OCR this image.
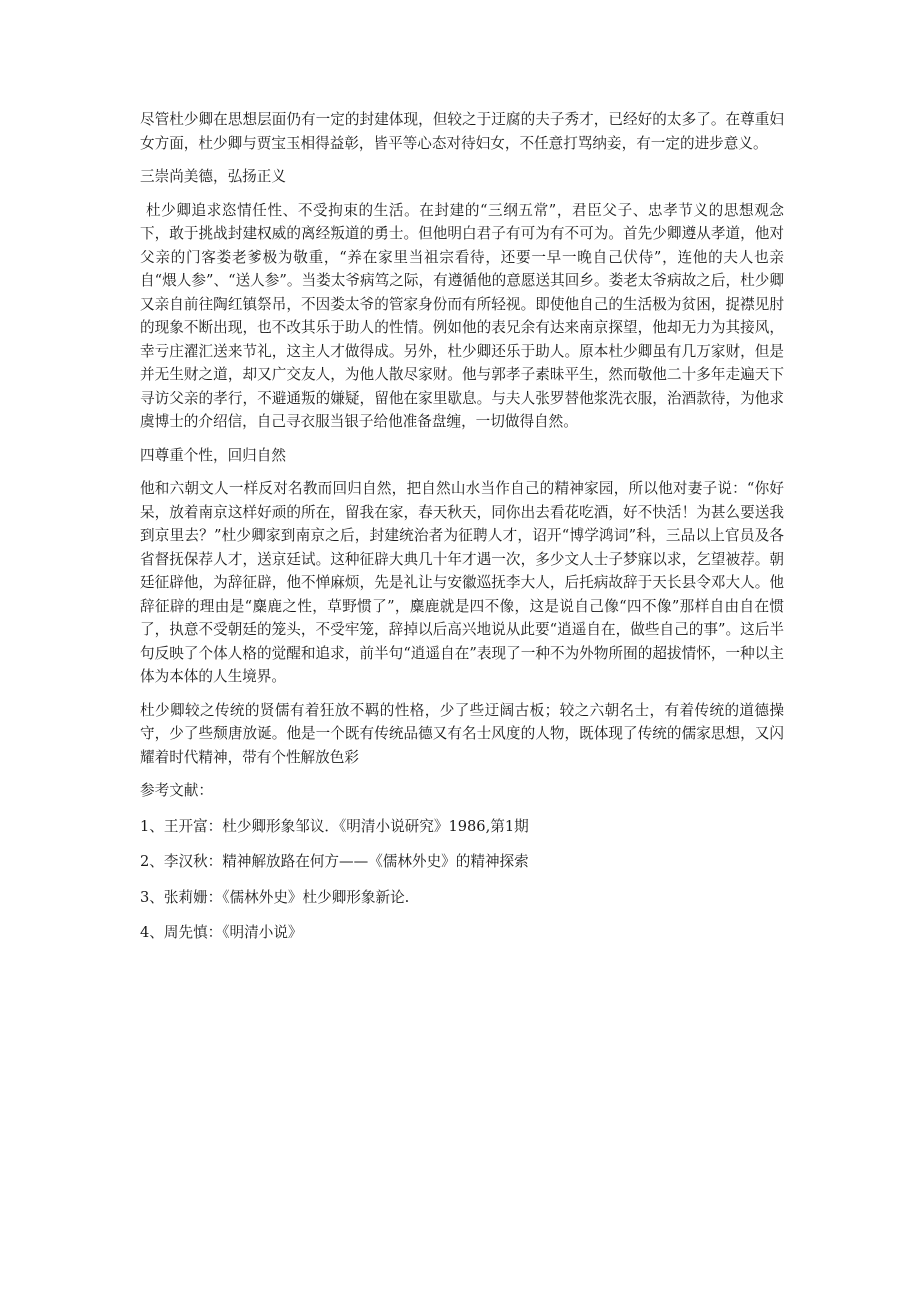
尽管杜少卿在思想层面仍有一定的封建体现，但较之于迂腐的夫子秀才，已经好的太多了。在尊重妇女方面，杜少卿与贾宝玉相得益彰，皆平等心态对待妇女，不任意打骂纳妾，有一定的进步意义。

三崇尚美德，弘扬正义

杜少卿追求恣情任性、不受拘束的生活。在封建的“三纲五常”，君臣父子、忠孝节义的思想观念下，敢于挑战封建权威的离经叛道的勇士。但他明白君子有可为有不可为。首先少卿遵从孝道，他对父亲的门客娄老爹极为敬重，“养在家里当祖宗看待，还要一早一晚自己伏侍”，连他的夫人也亲自“煨人参”、“送人参”。当娄太爷病笃之际，有遵循他的意愿送其回乡。娄老太爷病故之后，杜少卿又亲自前往陶红镇祭吊，不因娄太爷的管家身份而有所轻视。即使他自己的生活极为贫困，捉襟见肘的现象不断出现，也不改其乐于助人的性情。例如他的表兄余有达来南京探望，他却无力为其接风，幸亏庄濯汇送来节礼，这主人才做得成。另外，杜少卿还乐于助人。原本杜少卿虽有几万家财，但是并无生财之道，却又广交友人，为他人散尽家财。他与郭孝子素昧平生，然而敬他二十多年走遍天下寻访父亲的孝行，不避通叛的嫌疑，留他在家里歇息。与夫人张罗替他浆洗衣服，治酒款待，为他求虞博士的介绍信，自己寻衣服当银子给他准备盘缠，一切做得自然。

四尊重个性，回归自然

他和六朝文人一样反对名教而回归自然，把自然山水当作自己的精神家园，所以他对妻子说：“你好呆，放着南京这样好顽的所在，留我在家，春天秋天，同你出去看花吃酒，好不快活！为甚么要送我到京里去？”杜少卿家到南京之后，封建统治者为征聘人才，诏开“博学鸿词”科，三品以上官员及各省督抚保荐人才，送京廷试。这种征辟大典几十年才遇一次，多少文人士子梦寐以求，乞望被荐。朝廷征辟他，为辞征辟，他不惮麻烦，先是礼让与安徽巡抚李大人，后托病故辞于天长县令邓大人。他辞征辟的理由是“麋鹿之性，草野惯了”，麋鹿就是四不像，这是说自己像“四不像”那样自由自在惯了，执意不受朝廷的笼头，不受牢笼，辞掉以后高兴地说从此要“逍遥自在，做些自己的事”。这后半句反映了个体人格的觉醒和追求，前半句“逍遥自在”表现了一种不为外物所囿的超拔情怀，一种以主体为本体的人生境界。

杜少卿较之传统的贤儒有着狂放不羁的性格，少了些迂阔古板；较之六朝名士，有着传统的道德操守，少了些颓唐放诞。他是一个既有传统品德又有名士风度的人物，既体现了传统的儒家思想，又闪耀着时代精神，带有个性解放色彩

参考文献：

1、王开富：杜少卿形象邹议．《明清小说研究》1986,第1期

2、李汉秋：精神解放路在何方——《儒林外史》的精神探索

3、张莉姗：《儒林外史》杜少卿形象新论.

4、周先慎：《明清小说》
